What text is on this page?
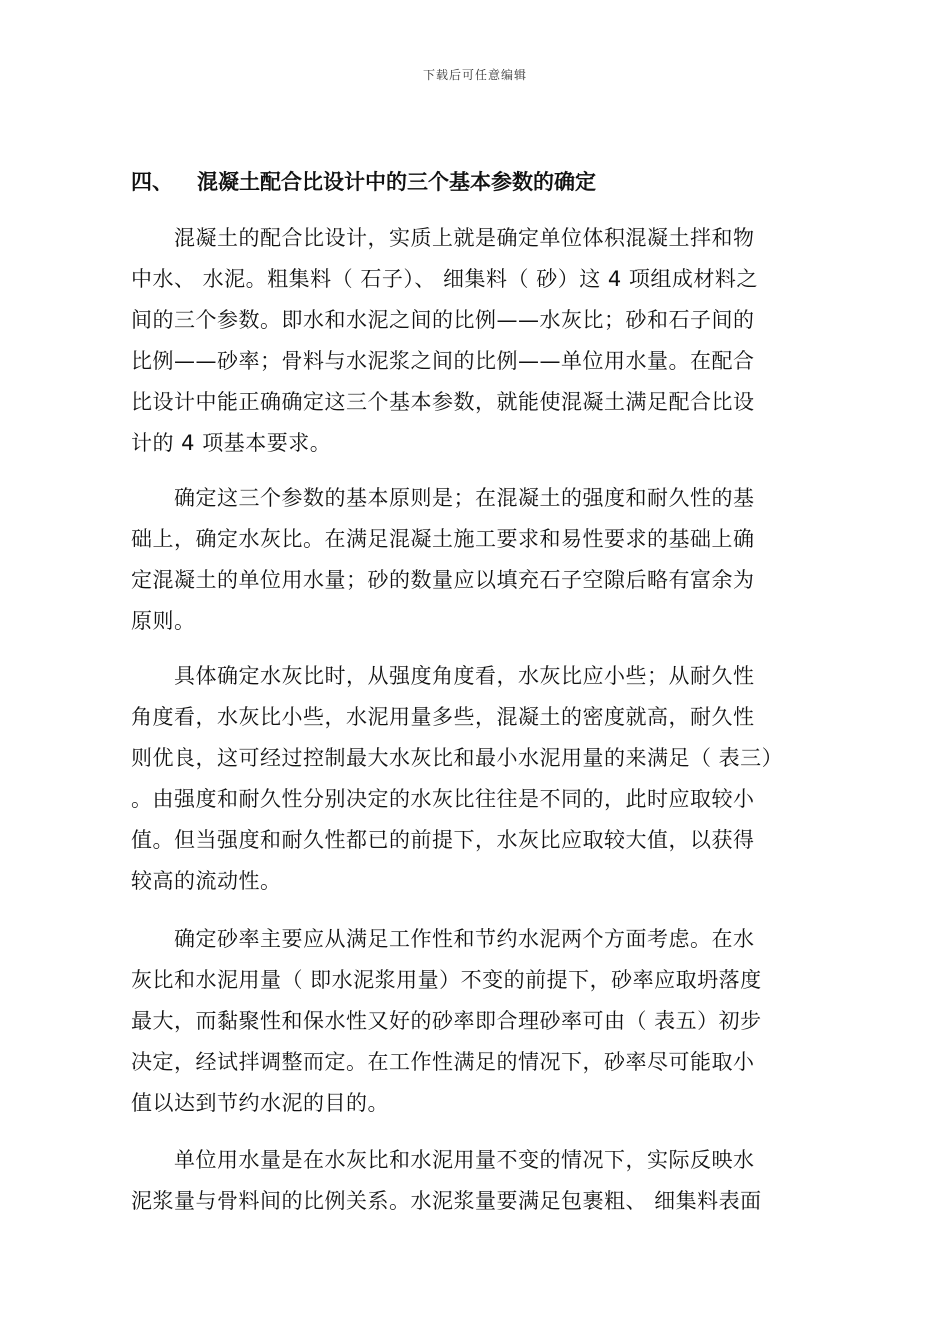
下载后可任意编辑
四、 混凝土配合比设计中的三个基本参数的确定
　　混凝土的配合比设计，实质上就是确定单位体积混凝土拌和物
中水、 水泥。粗集料（ 石子）、 细集料（ 砂）这 4 项组成材料之
间的三个参数。即水和水泥之间的比例——水灰比；砂和石子间的
比例——砂率；骨料与水泥浆之间的比例——单位用水量。在配合
比设计中能正确确定这三个基本参数，就能使混凝土满足配合比设
计的 4 项基本要求。
　　确定这三个参数的基本原则是；在混凝土的强度和耐久性的基
础上，确定水灰比。在满足混凝土施工要求和易性要求的基础上确
定混凝土的单位用水量；砂的数量应以填充石子空隙后略有富余为
原则。
　　具体确定水灰比时，从强度角度看，水灰比应小些；从耐久性
角度看，水灰比小些，水泥用量多些，混凝土的密度就高，耐久性
则优良，这可经过控制最大水灰比和最小水泥用量的来满足（ 表三）
。由强度和耐久性分别决定的水灰比往往是不同的，此时应取较小
值。但当强度和耐久性都已的前提下，水灰比应取较大值，以获得
较高的流动性。
　　确定砂率主要应从满足工作性和节约水泥两个方面考虑。在水
灰比和水泥用量（ 即水泥浆用量）不变的前提下，砂率应取坍落度
最大，而黏聚性和保水性又好的砂率即合理砂率可由（ 表五）初步
决定，经试拌调整而定。在工作性满足的情况下，砂率尽可能取小
值以达到节约水泥的目的。
　　单位用水量是在水灰比和水泥用量不变的情况下，实际反映水
泥浆量与骨料间的比例关系。水泥浆量要满足包裹粗、 细集料表面
